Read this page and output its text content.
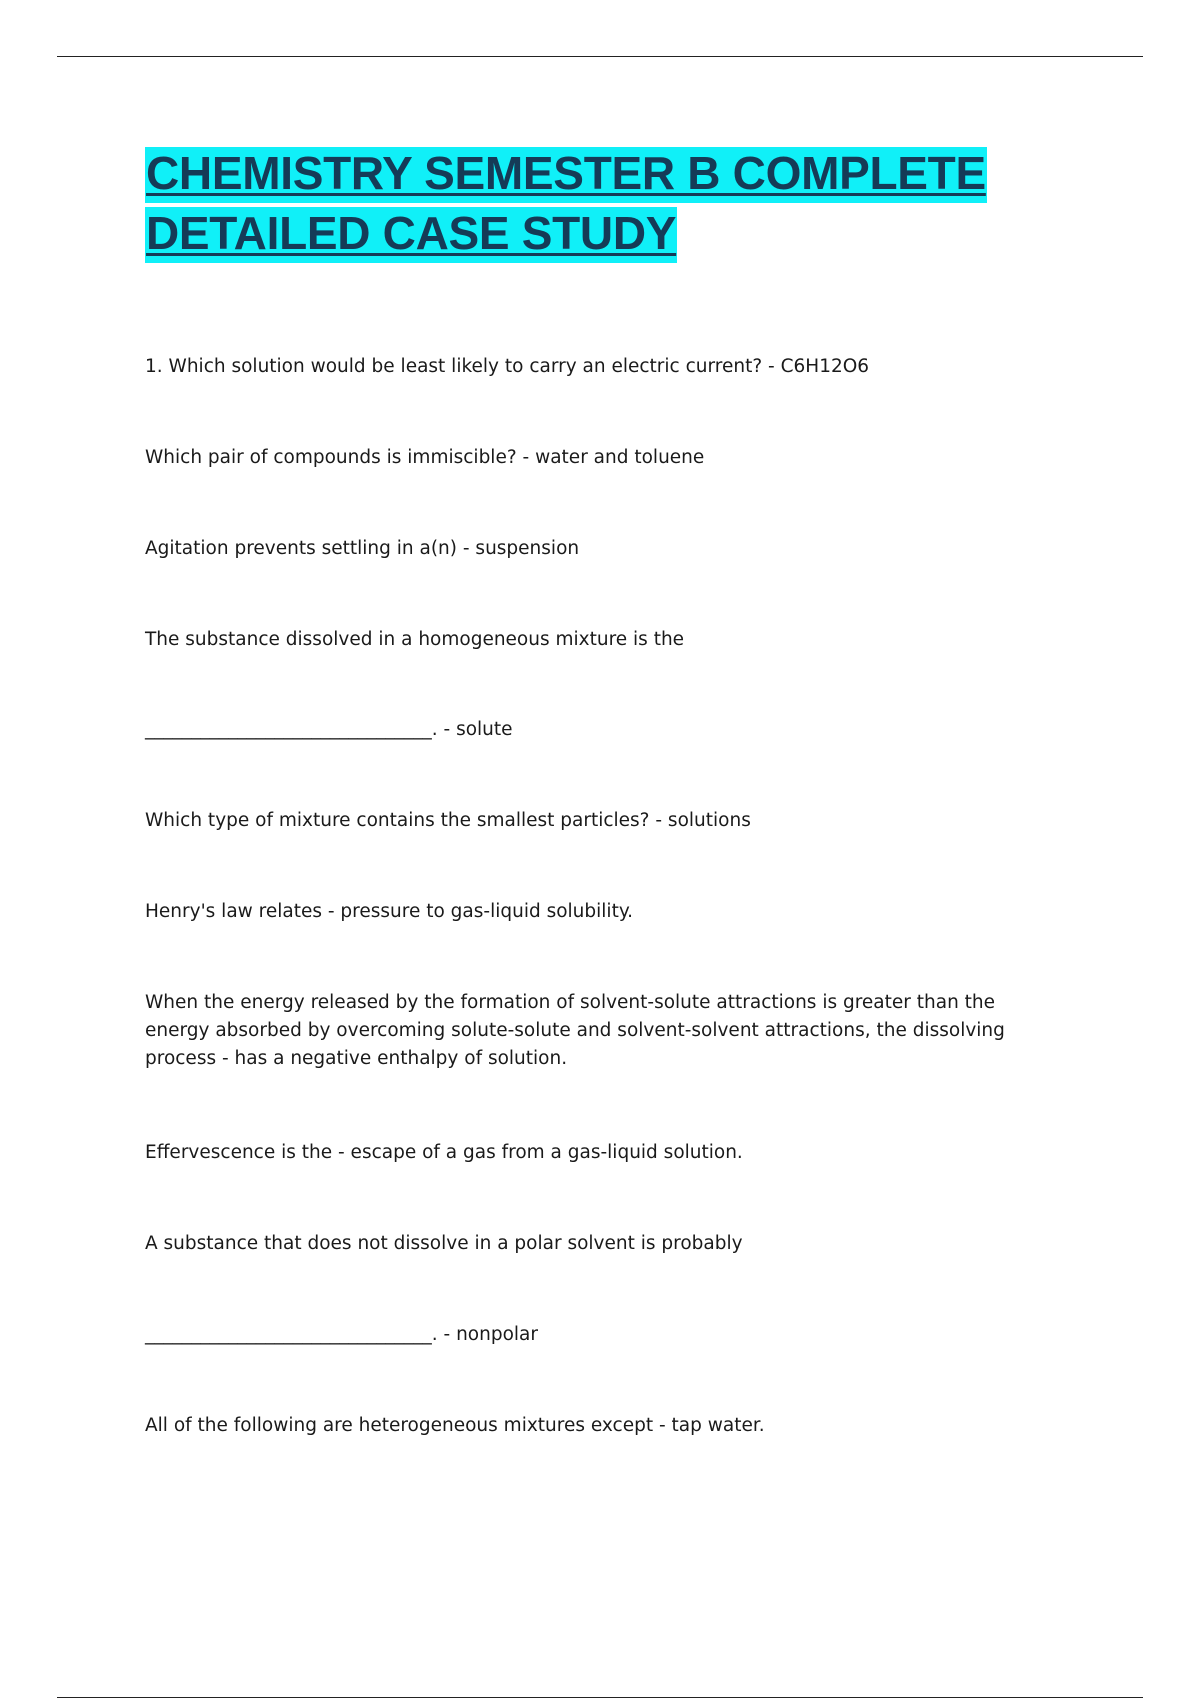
CHEMISTRY SEMESTER B COMPLETE
DETAILED CASE STUDY

1. Which solution would be least likely to carry an electric current? - C6H12O6

Which pair of compounds is immiscible? - water and toluene

Agitation prevents settling in a(n) - suspension

The substance dissolved in a homogeneous mixture is the

_______________________________. - solute

Which type of mixture contains the smallest particles? - solutions

Henry's law relates - pressure to gas-liquid solubility.

When the energy released by the formation of solvent-solute attractions is greater than the energy absorbed by overcoming solute-solute and solvent-solvent attractions, the dissolving process - has a negative enthalpy of solution.

Effervescence is the - escape of a gas from a gas-liquid solution.

A substance that does not dissolve in a polar solvent is probably

_______________________________. - nonpolar

All of the following are heterogeneous mixtures except - tap water.
